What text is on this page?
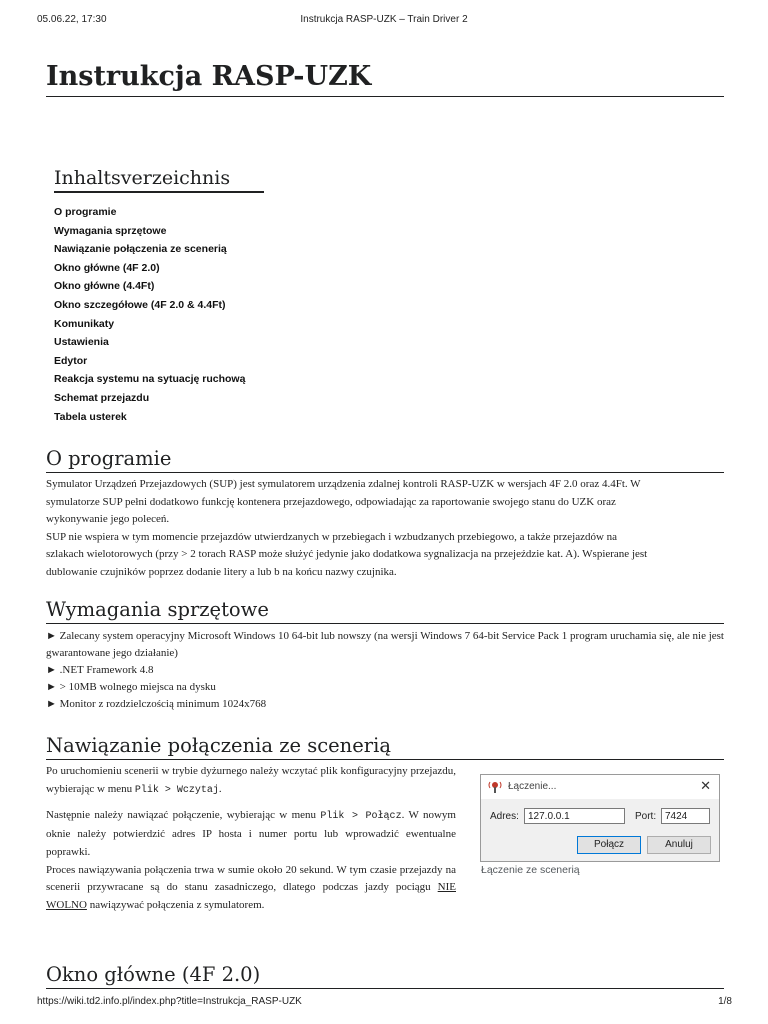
05.06.22, 17:30	Instrukcja RASP-UZK – Train Driver 2
Instrukcja RASP-UZK
Inhaltsverzeichnis
O programie
Wymagania sprzętowe
Nawiązanie połączenia ze scenerią
Okno główne (4F 2.0)
Okno główne (4.4Ft)
Okno szczegółowe (4F 2.0 & 4.4Ft)
Komunikaty
Ustawienia
Edytor
Reakcja systemu na sytuację ruchową
Schemat przejazdu
Tabela usterek
O programie
Symulator Urządzeń Przejazdowych (SUP) jest symulatorem urządzenia zdalnej kontroli RASP-UZK w wersjach 4F 2.0 oraz 4.4Ft. W
symulatorze SUP pełni dodatkowo funkcję kontenera przejazdowego, odpowiadając za raportowanie swojego stanu do UZK oraz
wykonywanie jego poleceń.
SUP nie wspiera w tym momencie przejazdów utwierdzanych w przebiegach i wzbudzanych przebiegowo, a także przejazdów na
szlakach wielotorowych (przy > 2 torach RASP może służyć jedynie jako dodatkowa sygnalizacja na przejeździe kat. A). Wspierane jest
dublowanie czujników poprzez dodanie litery a lub b na końcu nazwy czujnika.
Wymagania sprzętowe
► Zalecany system operacyjny Microsoft Windows 10 64-bit lub nowszy (na wersji Windows 7 64-bit Service Pack 1 program uruchamia się, ale nie jest gwarantowane jego działanie)
► .NET Framework 4.8
► > 10MB wolnego miejsca na dysku
► Monitor z rozdzielczością minimum 1024x768
Nawiązanie połączenia ze scenerią

Po uruchomieniu scenerii w trybie dyżurnego należy wczytać plik konfiguracyjny przejazdu, wybierając w menu Plik > Wczytaj.

Następnie należy nawiązać połączenie, wybierając w menu Plik > Połącz. W nowym oknie należy potwierdzić adres IP hosta i numer portu lub wprowadzić ewentualne poprawki.

Proces nawiązywania połączenia trwa w sumie około 20 sekund. W tym czasie przejazdy na scenerii przywracane są do stanu zasadniczego, dlatego podczas jazdy pociągu NIE WOLNO nawiązywać połączenia z symulatorem.

Łączenie...	✕
Adres: 127.0.0.1	Port: 7424
Połącz	Anuluj
Łączenie ze scenerią
Okno główne (4F 2.0)
https://wiki.td2.info.pl/index.php?title=Instrukcja_RASP-UZK	1/8
